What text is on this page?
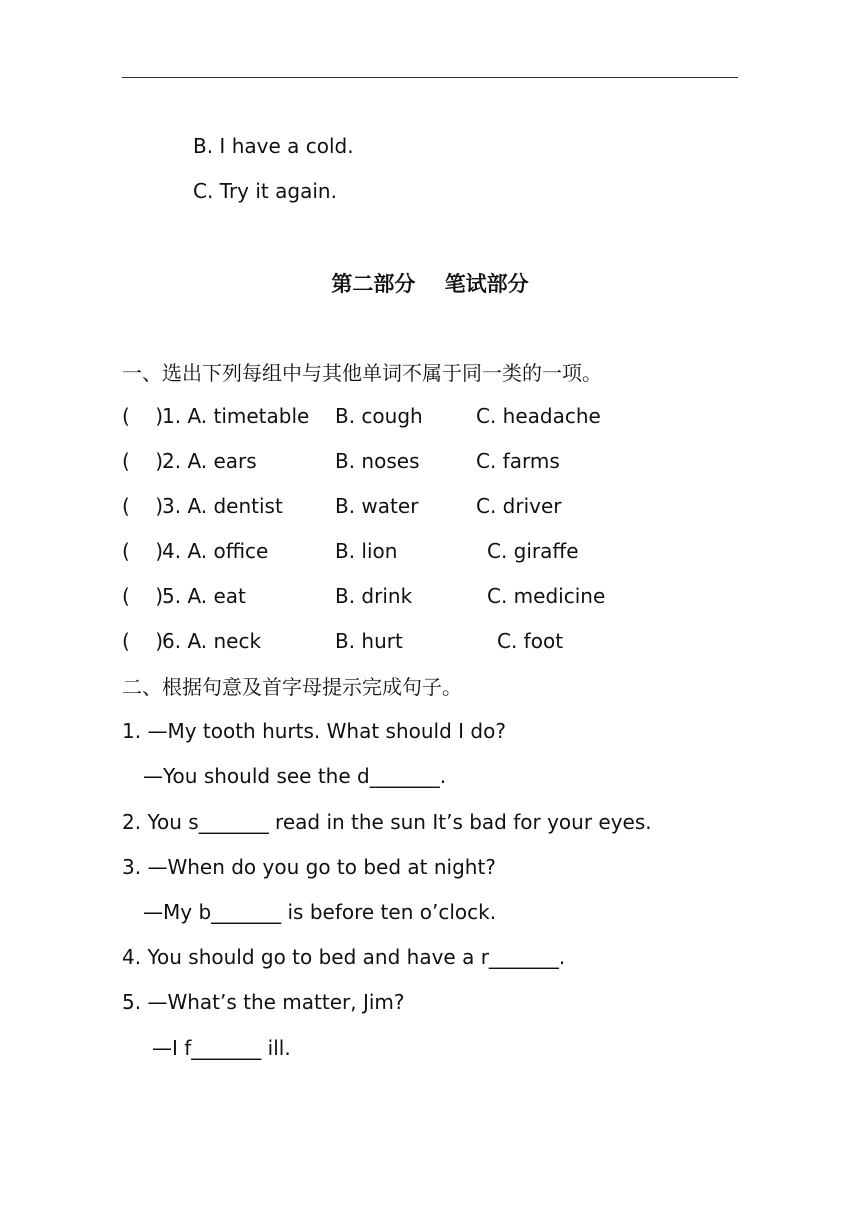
B. I have a cold.
C. Try it again.
第二部分    笔试部分
一、选出下列每组中与其他单词不属于同一类的一项。
(    )
1. A. timetable B. cough	C. headache
(    )
2. A. ears	B. noses	C. farms
(    )
3. A. dentist	B. water	C. driver
(    )
4. A. office	B. lion	C. giraffe
(    )
5. A. eat	B. drink	C. medicine
(    )
6. A. neck	B. hurt	C. foot
二、根据句意及首字母提示完成句子。
1. —My tooth hurts. What should I do?
—You should see the d_______.
2. You s_______ read in the sun It’s bad for your eyes.
3. —When do you go to bed at night?
—My b_______ is before ten o’clock.
4. You should go to bed and have a r_______.
5. —What’s the matter, Jim?
—I f_______ ill.
